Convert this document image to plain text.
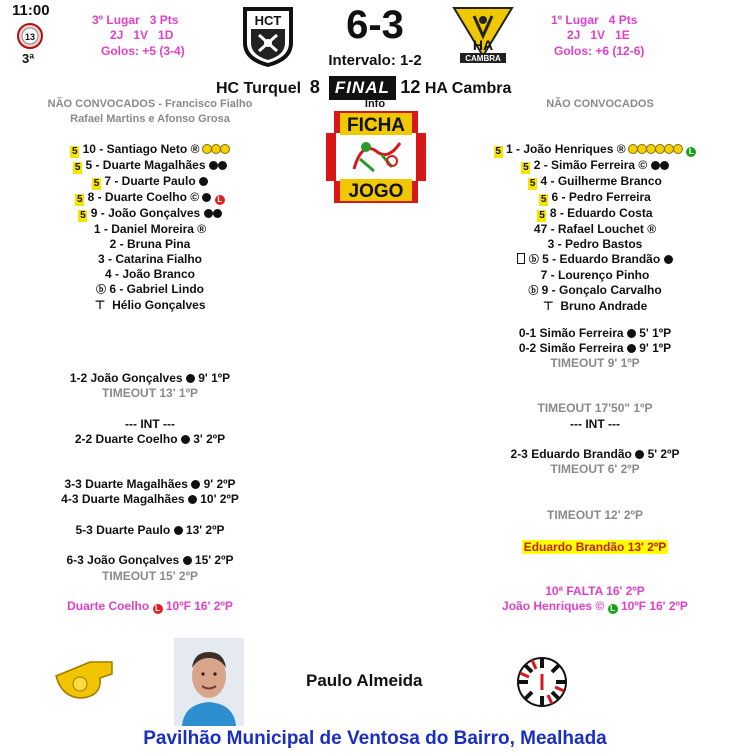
11:00
13
3ª
3º Lugar 3 Pts
2J   1V   1D
Golos: +5 (3-4)
HCT	6-3
Intervalo: 1-2
HA
CAMBRA
1º Lugar 4 Pts
2J   1V   1E
Golos: +6 (12-6)
HC Turquel 8 FINAL 12 HA Cambra
Info
FICHA
JOGO
NÃO CONVOCADOS - Francisco Fialho
Rafael Martins e Afonso Grosa
NÃO CONVOCADOS
5 10 - Santiago Neto ®
5 5 - Duarte Magalhães
5 7 - Duarte Paulo
5 8 - Duarte Coelho © L
5 9 - João Gonçalves
1 - Daniel Moreira ®
2 - Bruna Pina
3 - Catarina Fialho
4 - João Branco
ⓑ 6 - Gabriel Lindo
⊤ Hélio Gonçalves
5 1 - João Henriques ®	L
5 2 - Simão Ferreira ©
5 4 - Guilherme Branco
5 6 - Pedro Ferreira
5 8 - Eduardo Costa
47 - Rafael Louchet ®
3 - Pedro Bastos
ⓑ 5 - Eduardo Brandão
7 - Lourenço Pinho
ⓑ 9 - Gonçalo Carvalho
⊤ Bruno Andrade
1-2 João Gonçalves 9' 1ºP
TIMEOUT 13' 1ºP
--- INT ---
2-2 Duarte Coelho 3' 2ºP
3-3 Duarte Magalhães 9' 2ºP
4-3 Duarte Magalhães 10' 2ºP
5-3 Duarte Paulo 13' 2ºP
6-3 João Gonçalves 15' 2ºP
TIMEOUT 15' 2ºP
Duarte Coelho L 10ºF 16' 2ºP
0-1 Simão Ferreira 5' 1ºP
0-2 Simão Ferreira 9' 1ºP
TIMEOUT 9' 1ºP
TIMEOUT 17'50" 1ºP
--- INT ---
2-3 Eduardo Brandão 5' 2ºP
TIMEOUT 6' 2ºP
TIMEOUT 12' 2ºP
Eduardo Brandão 13' 2ºP
10ª FALTA 16' 2ºP
João Henriques © L 10ºF 16' 2ºP
Paulo Almeida
Pavilhão Municipal de Ventosa do Bairro, Mealhada
